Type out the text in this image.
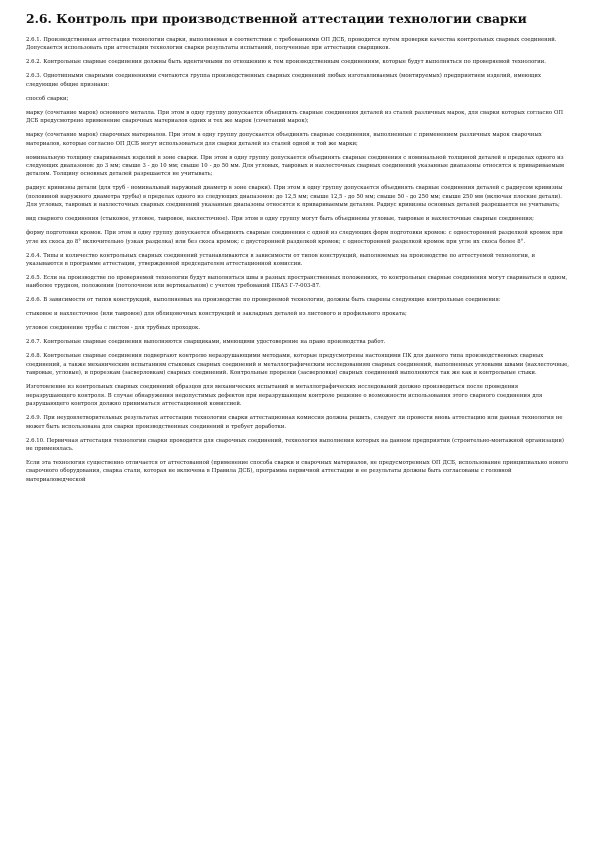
2.6. Контроль при производственной аттестации технологии сварки

2.6.1. Производственная аттестация технологии сварки, выполняемая в соответствии с требованиями ОП ДСБ, проводится путем проверки качества контрольных сварных соединений. Допускается использовать при аттестации технологии сварки результаты испытаний, полученные при аттестации сварщиков.

2.6.2. Контрольные сварные соединения должны быть идентичными по отношению к тем производственным соединениям, которые будут выполняться по проверяемой технологии.

2.6.3. Однотипными сварными соединениями считаются группа производственных сварных соединений любых изготавливаемых (монтируемых) предприятием изделий, имеющих следующие общие признаки:

способ сварки;

марку (сочетание марок) основного металла. При этом в одну группу допускается объединять сварные соединения деталей из сталей различных марок, для сварки которых согласно ОП ДСБ предусмотрено применение сварочных материалов одних и тех же марок (сочетаний марок);

марку (сочетание марок) сварочных материалов. При этом в одну группу допускается объединять сварные соединения, выполненные с применением различных марок сварочных материалов, которые согласно ОП ДСБ могут использоваться для сварки деталей из сталей одной и той же марки;

номинальную толщину свариваемых изделий в зоне сварки. При этом в одну группу допускается объединять сварные соединения с номинальной толщиной деталей в пределах одного из следующих диапазонов: до 3 мм; свыше 3 - до 10 мм; свыше 10 - до 50 мм. Для угловых, тавровых и нахлесточных сварных соединений указанные диапазоны относятся к привариваемым деталям. Толщину основных деталей разрешается не учитывать;

радиус кривизны детали (для труб - номинальный наружный диаметр в зоне сварки). При этом в одну группу допускается объединять сварные соединения деталей с радиусом кривизны (половиной наружного диаметра трубы) в пределах одного из следующих диапазонов: до 12,5 мм; свыше 12,5 - до 50 мм; свыше 50 - до 250 мм; свыше 250 мм (включая плоские детали). Для угловых, тавровых и нахлесточных сварных соединений указанные диапазоны относятся к привариваемым деталям. Радиус кривизны основных деталей разрешается не учитывать;

вид сварного соединения (стыковое, угловое, тавровое, нахлесточное). При этом в одну группу могут быть объединены угловые, тавровые и нахлесточные сварные соединения;

форму подготовки кромок. При этом в одну группу допускается объединять сварные соединения с одной из следующих форм подготовки кромок: с односторонней разделкой кромок при угле их скоса до 8° включительно (узкая разделка) или без скоса кромок; с двусторонней разделкой кромок; с односторонней разделкой кромок при угле их скоса более 8°.

2.6.4. Типы и количество контрольных сварных соединений устанавливаются в зависимости от типов конструкций, выполняемых на производстве по аттестуемой технологии, и указываются в программе аттестации, утвержденной председателем аттестационной комиссии.

2.6.5. Если на производстве по проверяемой технологии будут выполняться швы в разных пространственных положениях, то контрольные сварные соединения могут свариваться в одном, наиболее трудном, положении (потолочном или вертикальном) с учетом требований ПБАЗ Г-7-003-87.

2.6.6. В зависимости от типов конструкций, выполняемых на производстве по проверяемой технологии, должны быть сварены следующие контрольные соединения:

стыковое и нахлесточное (или тавровое) для облицовочных конструкций и закладных деталей из листового и профильного проката;

угловое соединение трубы с листом - для трубных проходок.

2.6.7. Контрольные сварные соединения выполняются сварщиками, имеющими удостоверение на право производства работ.

2.6.8. Контрольные сварные соединения подвергают контролю неразрушающими методами, которые предусмотрены настоящими ПК для данного типа производственных сварных соединений, а также механическим испытаниям стыковых сварных соединений и металлографическим исследованиям сварных соединений, выполненных угловыми швами (нахлесточные, тавровые, угловые), и прорезкам (засверловкам) сварных соединений. Контрольные прорезки (засверловки) сварных соединений выполняются так же как и контрольные стыки.

Изготовление из контрольных сварных соединений образцов для механических испытаний и металлографических исследований должно производиться после проведения неразрушающего контроля. В случае обнаружения недопустимых дефектов при неразрушающем контроле решение о возможности использования этого сварного соединения для разрушающего контроля должно приниматься аттестационной комиссией.

2.6.9. При неудовлетворительных результатах аттестации технологии сварки аттестационная комиссия должна решить, следует ли провести вновь аттестацию или данная технология не может быть использована для сварки производственных соединений и требует доработки.

2.6.10. Первичная аттестация технологии сварки проводится для сварочных соединений, технология выполнения которых на данном предприятии (строительно-монтажной организации) не применялась.

Если эта технология существенно отличается от аттестованной (применение способа сварки и сварочных материалов, не предусмотренных ОП ДСБ, использование принципиально нового сварочного оборудования, сварка стали, которая не включена в Правила ДСБ), программа первичной аттестации и ее результаты должны быть согласованы с головной материаловедческой
